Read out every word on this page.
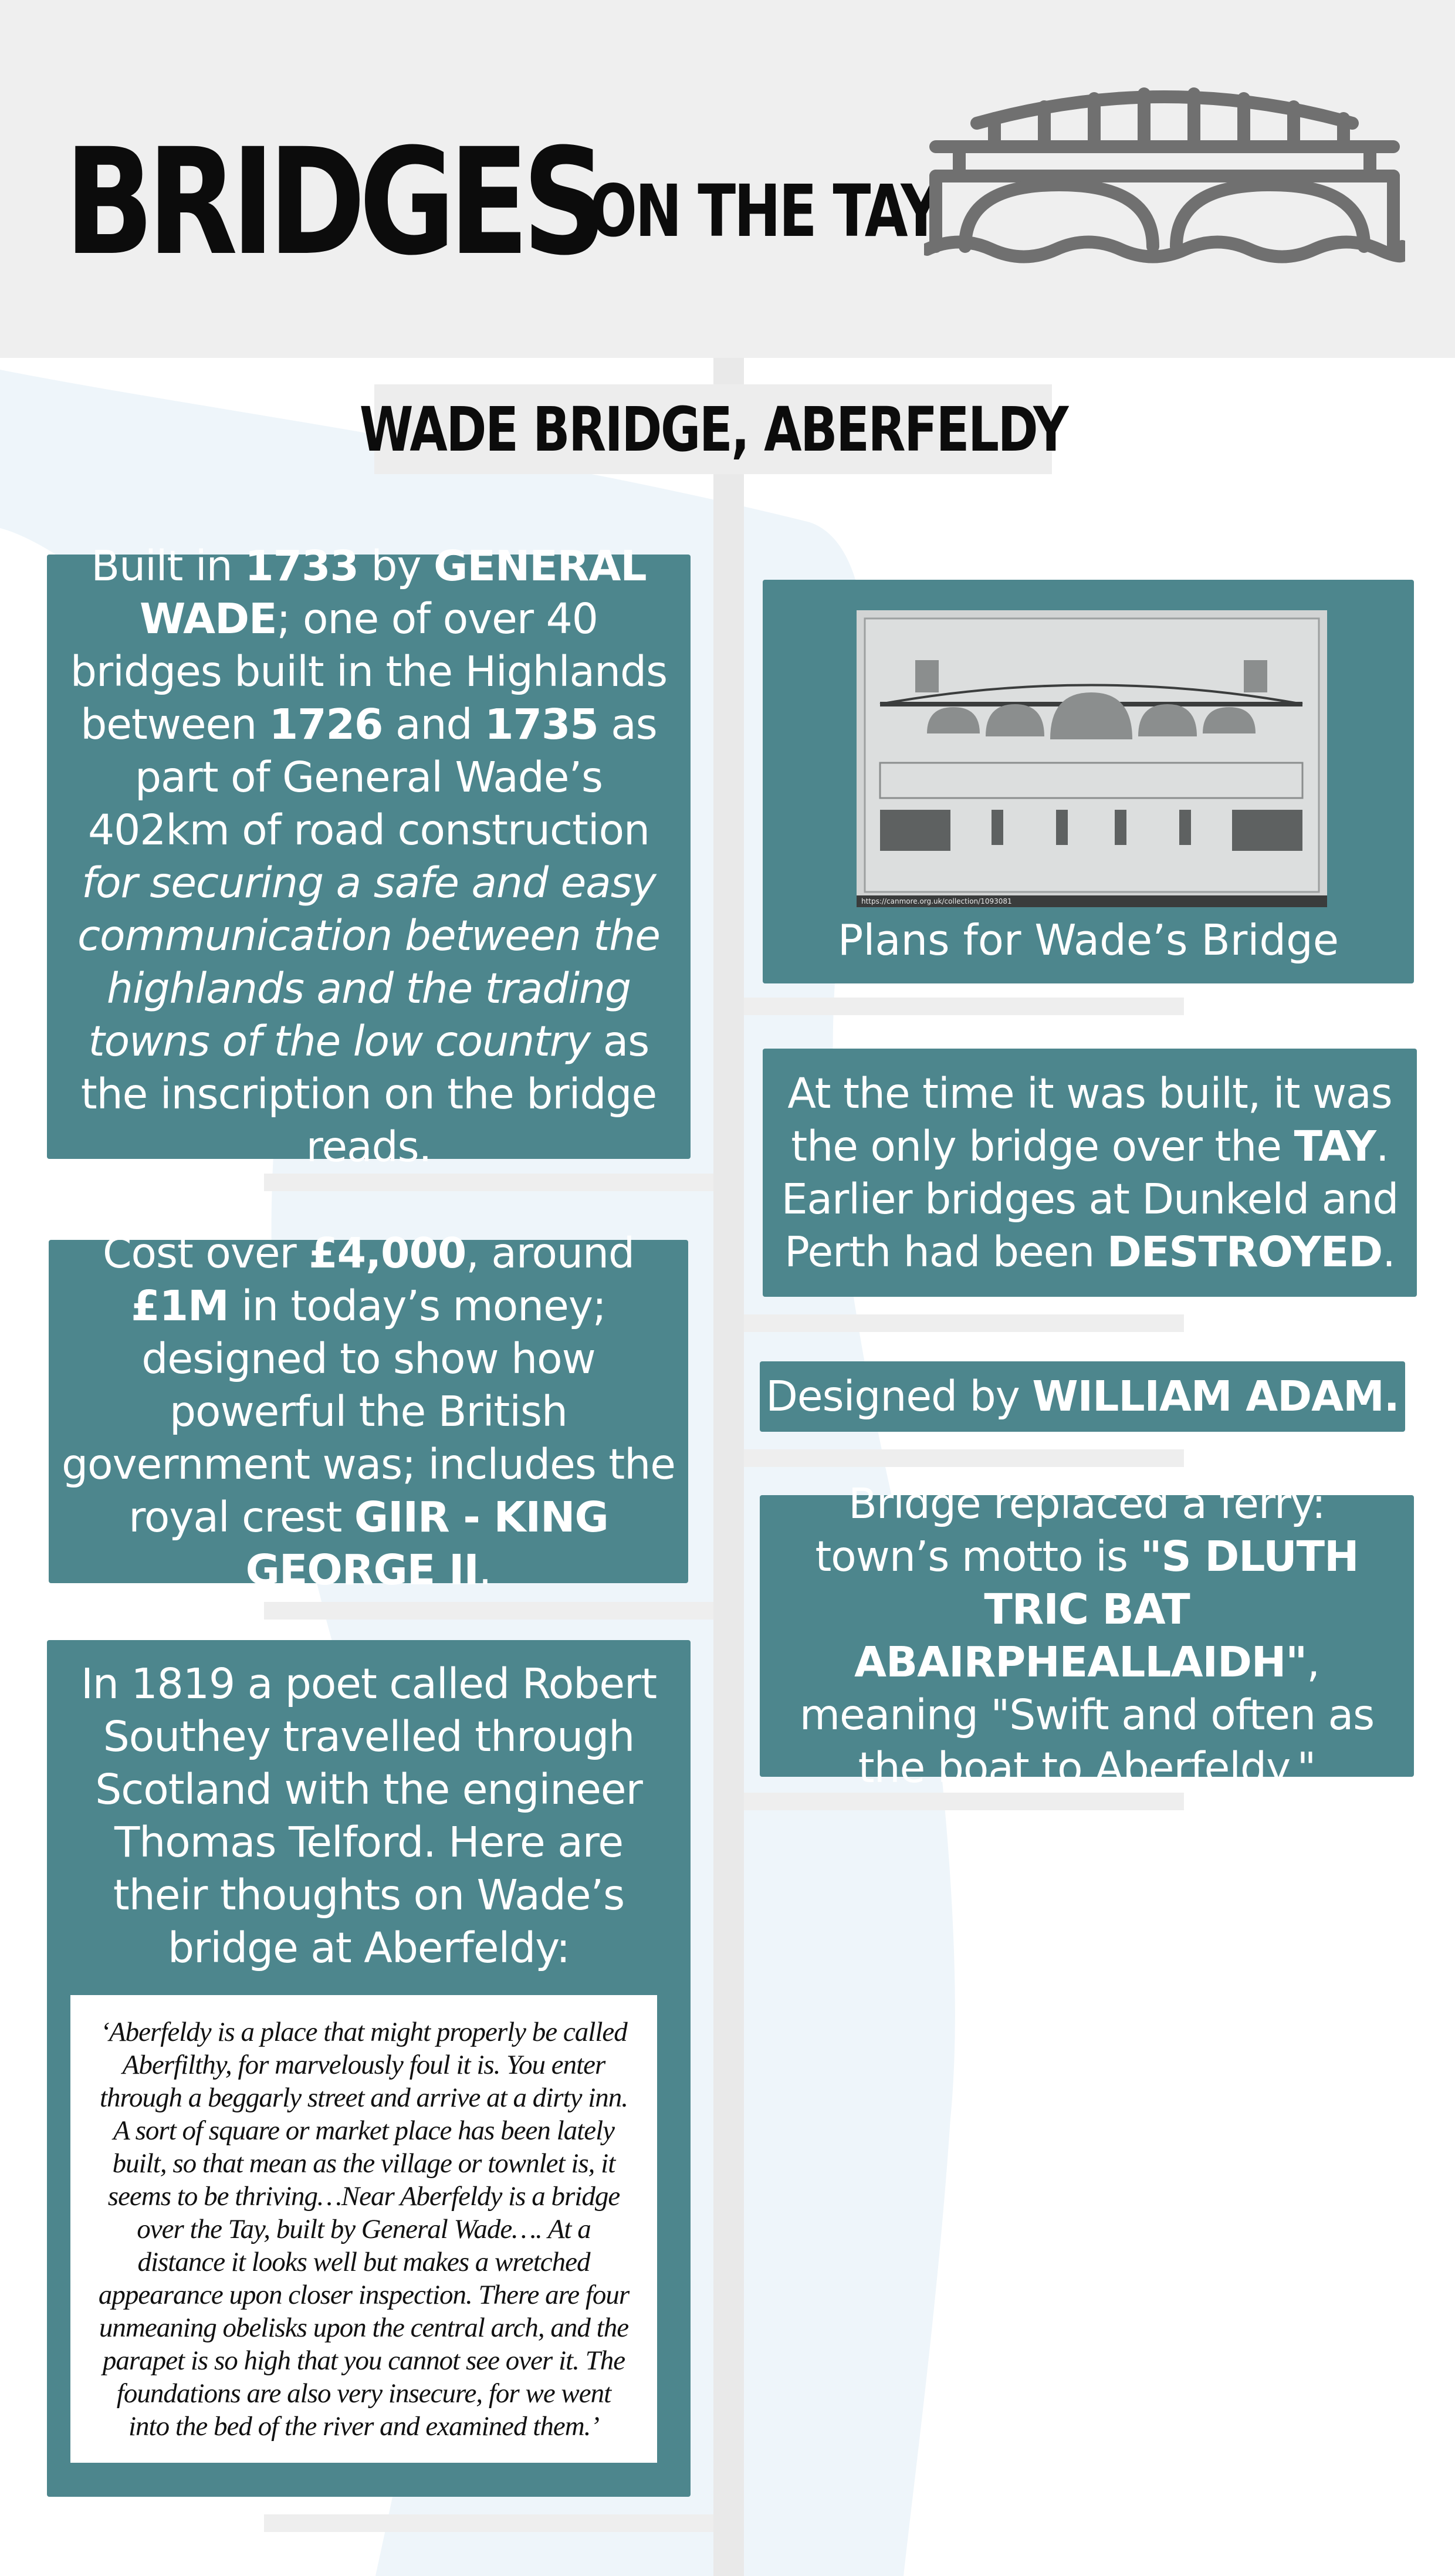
BRIDGES
ON THE TAY
WADE BRIDGE, ABERFELDY
Built in 1733 by GENERAL WADE; one of over 40 bridges built in the Highlands between 1726 and 1735 as part of General Wade’s 402km of road construction for securing a safe and easy communication between the highlands and the trading towns of the low country as the inscription on the bridge reads.
https://canmore.org.uk/collection/1093081
Plans for Wade’s Bridge
At the time it was built, it was the only bridge over the TAY. Earlier bridges at Dunkeld and Perth had been DESTROYED.
Cost over £4,000, around £1M in today’s money; designed to show how powerful the British government was; includes the royal crest GIIR - KING GEORGE II.
Designed by WILLIAM ADAM.
Bridge replaced a ferry: town’s motto is "S DLUTH TRIC BAT ABAIRPHEALLAIDH", meaning "Swift and often as the boat to Aberfeldy."
In 1819 a poet called Robert Southey travelled through Scotland with the engineer Thomas Telford. Here are their thoughts on Wade’s bridge at Aberfeldy:
‘Aberfeldy is a place that might properly be called Aberfilthy, for marvelously foul it is. You enter through a beggarly street and arrive at a dirty inn. A sort of square or market place has been lately built, so that mean as the village or townlet is, it seems to be thriving…Near Aberfeldy is a bridge over the Tay, built by General Wade…. At a distance it looks well but makes a wretched appearance upon closer inspection. There are four unmeaning obelisks upon the central arch, and the parapet is so high that you cannot see over it. The foundations are also very insecure, for we went into the bed of the river and examined them.’
